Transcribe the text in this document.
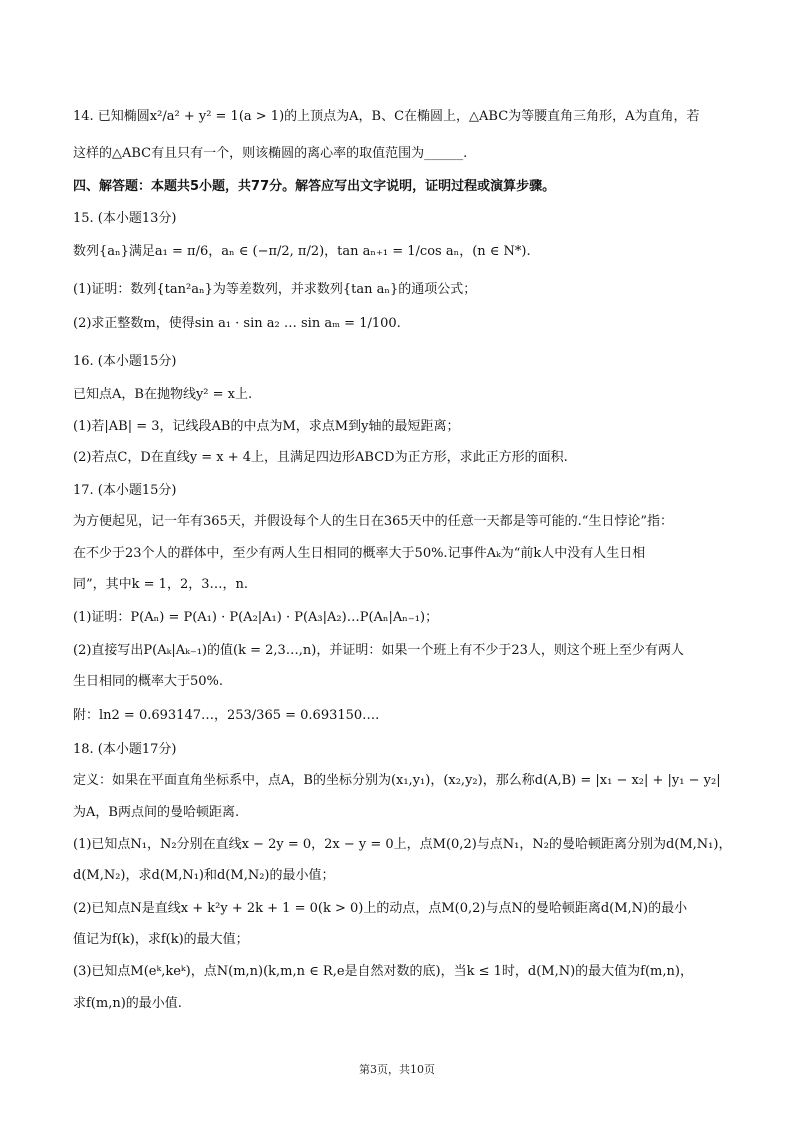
14. 已知椭圆x²/a² + y² = 1(a > 1)的上顶点为A，B、C在椭圆上，△ABC为等腰直角三角形，A为直角，若
这样的△ABC有且只有一个，则该椭圆的离心率的取值范围为______.
四、解答题：本题共5小题，共77分。解答应写出文字说明，证明过程或演算步骤。
15. (本小题13分)
数列{aₙ}满足a₁ = π/6，aₙ ∈ (−π/2, π/2)，tan aₙ₊₁ = 1/cos aₙ，(n ∈ N*).
(1)证明：数列{tan²aₙ}为等差数列，并求数列{tan aₙ}的通项公式；
(2)求正整数m，使得sin a₁ · sin a₂ … sin aₘ = 1/100.
16. (本小题15分)
已知点A，B在抛物线y² = x上.
(1)若|AB| = 3，记线段AB的中点为M，求点M到y轴的最短距离；
(2)若点C，D在直线y = x + 4上，且满足四边形ABCD为正方形，求此正方形的面积.
17. (本小题15分)
为方便起见，记一年有365天，并假设每个人的生日在365天中的任意一天都是等可能的.“生日悖论”指：
在不少于23个人的群体中，至少有两人生日相同的概率大于50%.记事件Aₖ为“前k人中没有人生日相
同”，其中k = 1，2，3…，n.
(1)证明：P(Aₙ) = P(A₁) · P(A₂|A₁) · P(A₃|A₂)…P(Aₙ|Aₙ₋₁)；
(2)直接写出P(Aₖ|Aₖ₋₁)的值(k = 2,3…,n)，并证明：如果一个班上有不少于23人，则这个班上至少有两人
生日相同的概率大于50%.
附：ln2 = 0.693147…，253/365 = 0.693150….
18. (本小题17分)
定义：如果在平面直角坐标系中，点A，B的坐标分别为(x₁,y₁)，(x₂,y₂)，那么称d(A,B) = |x₁ − x₂| + |y₁ − y₂|
为A，B两点间的曼哈顿距离.
(1)已知点N₁，N₂分别在直线x − 2y = 0，2x − y = 0上，点M(0,2)与点N₁，N₂的曼哈顿距离分别为d(M,N₁)，
d(M,N₂)，求d(M,N₁)和d(M,N₂)的最小值；
(2)已知点N是直线x + k²y + 2k + 1 = 0(k > 0)上的动点，点M(0,2)与点N的曼哈顿距离d(M,N)的最小
值记为f(k)，求f(k)的最大值；
(3)已知点M(eᵏ,keᵏ)，点N(m,n)(k,m,n ∈ R,e是自然对数的底)，当k ≤ 1时，d(M,N)的最大值为f(m,n)，
求f(m,n)的最小值.
第3页，共10页
